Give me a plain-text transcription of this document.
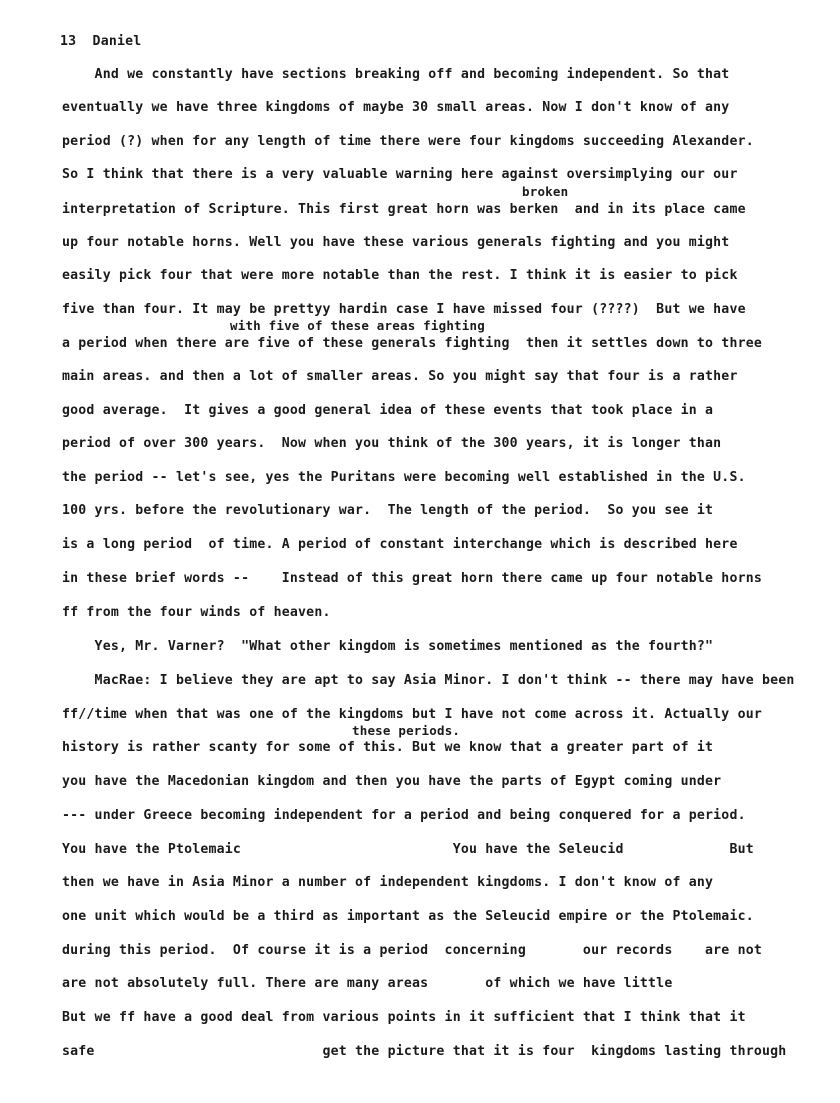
13  Daniel
And we constantly have sections breaking off and becoming independent. So that
eventually we have three kingdoms of maybe 30 small areas. Now I don't know of any
period (?) when for any length of time there were four kingdoms succeeding Alexander.
So I think that there is a very valuable warning here against oversimplying our our
broken
interpretation of Scripture. This first great horn was berken  and in its place came
up four notable horns. Well you have these various generals fighting and you might
easily pick four that were more notable than the rest. I think it is easier to pick
five than four. It may be prettyy hardin case I have missed four (????)  But we have
with five of these areas fighting
a period when there are five of these generals fighting  then it settles down to three
main areas. and then a lot of smaller areas. So you might say that four is a rather
good average.  It gives a good general idea of these events that took place in a
period of over 300 years.  Now when you think of the 300 years, it is longer than
the period -- let's see, yes the Puritans were becoming well established in the U.S.
100 yrs. before the revolutionary war.  The length of the period.  So you see it
is a long period  of time. A period of constant interchange which is described here
in these brief words --    Instead of this great horn there came up four notable horns
ff from the four winds of heaven.
Yes, Mr. Varner?  "What other kingdom is sometimes mentioned as the fourth?"
MacRae: I believe they are apt to say Asia Minor. I don't think -- there may have been
ff//time when that was one of the kingdoms but I have not come across it. Actually our
these periods.
history is rather scanty for some of this. But we know that a greater part of it
you have the Macedonian kingdom and then you have the parts of Egypt coming under
--- under Greece becoming independent for a period and being conquered for a period.
You have the Ptolemaic                          You have the Seleucid             But
then we have in Asia Minor a number of independent kingdoms. I don't know of any
one unit which would be a third as important as the Seleucid empire or the Ptolemaic.
during this period.  Of course it is a period  concerning       our records    are not
are not absolutely full. There are many areas       of which we have little
But we ff have a good deal from various points in it sufficient that I think that it
safe                            get the picture that it is four  kingdoms lasting through
